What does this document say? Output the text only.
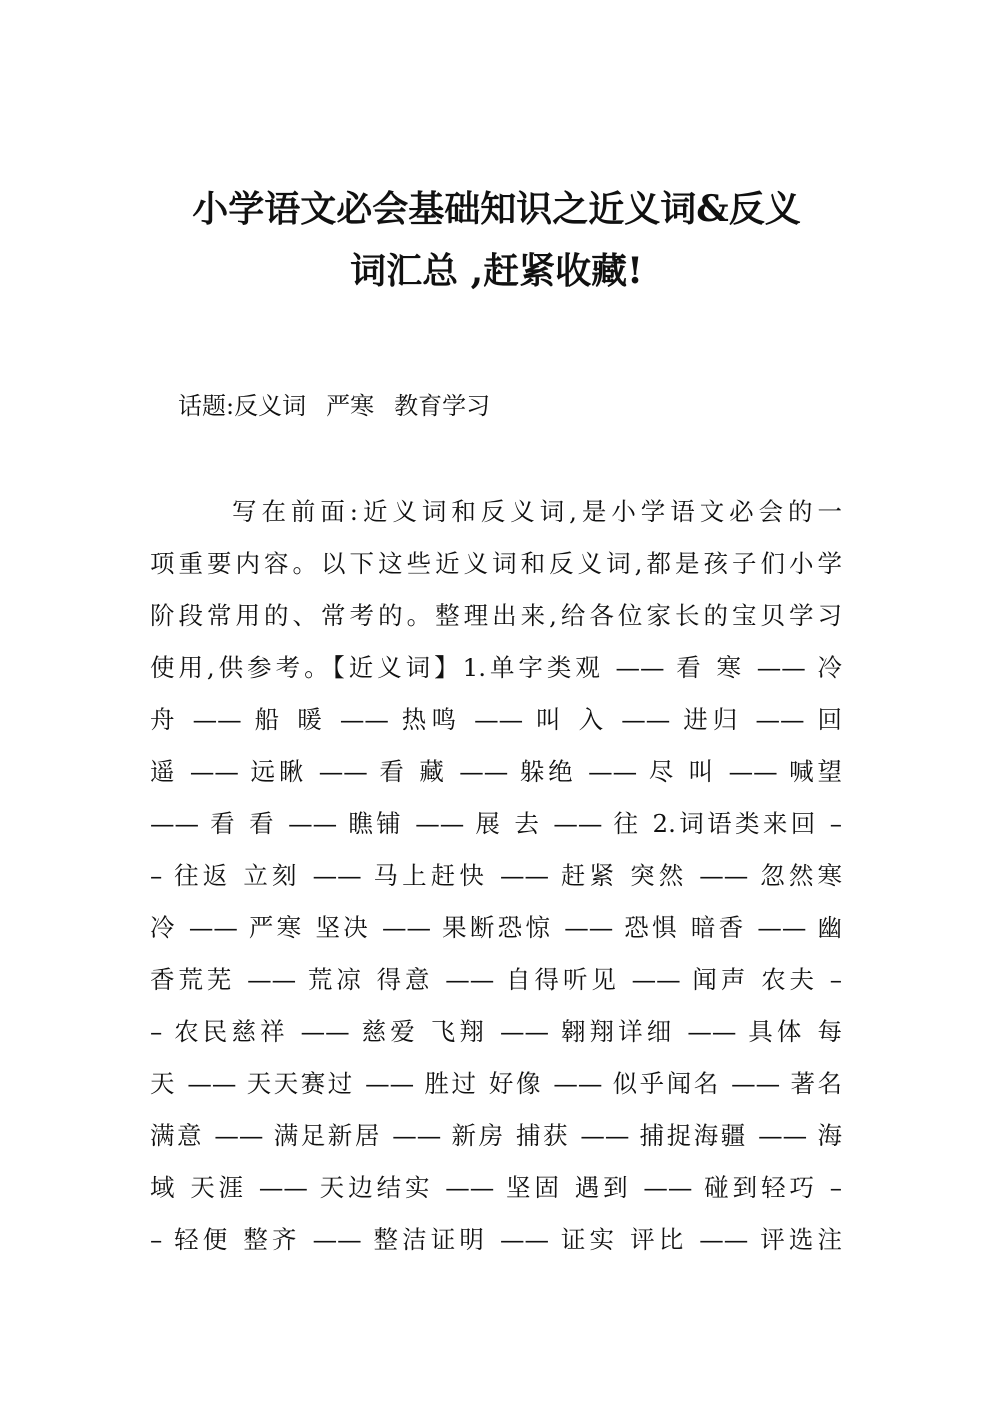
小学语文必会基础知识之近义词&反义
词汇总 ,赶紧收藏!
话题:反义词 严寒 教育学习
写在前面:近义词和反义词,是小学语文必会的一
项重要内容。以下这些近义词和反义词,都是孩子们小学
阶段常用的、常考的。整理出来,给各位家长的宝贝学习
使用,供参考。【近义词】1.单字类观 —— 看 寒 —— 冷
舟 —— 船 暖 —— 热鸣 —— 叫 入 —— 进归 —— 回
遥 —— 远瞅 —— 看 藏 —— 躲绝 —— 尽 叫 —— 喊望
—— 看 看 —— 瞧铺 —— 展 去 —— 往 2.词语类来回 –
– 往返 立刻 —— 马上赶快 —— 赶紧 突然 —— 忽然寒
冷 —— 严寒 坚决 —— 果断恐惊 —— 恐惧 暗香 —— 幽
香荒芜 —— 荒凉 得意 —— 自得听见 —— 闻声 农夫 –
– 农民慈祥 —— 慈爱 飞翔 —— 翱翔详细 —— 具体 每
天 —— 天天赛过 —— 胜过 好像 —— 似乎闻名 —— 著名
满意 —— 满足新居 —— 新房 捕获 —— 捕捉海疆 —— 海
域 天涯 —— 天边结实 —— 坚固 遇到 —— 碰到轻巧 –
– 轻便 整齐 —— 整洁证明 —— 证实 评比 —— 评选注
